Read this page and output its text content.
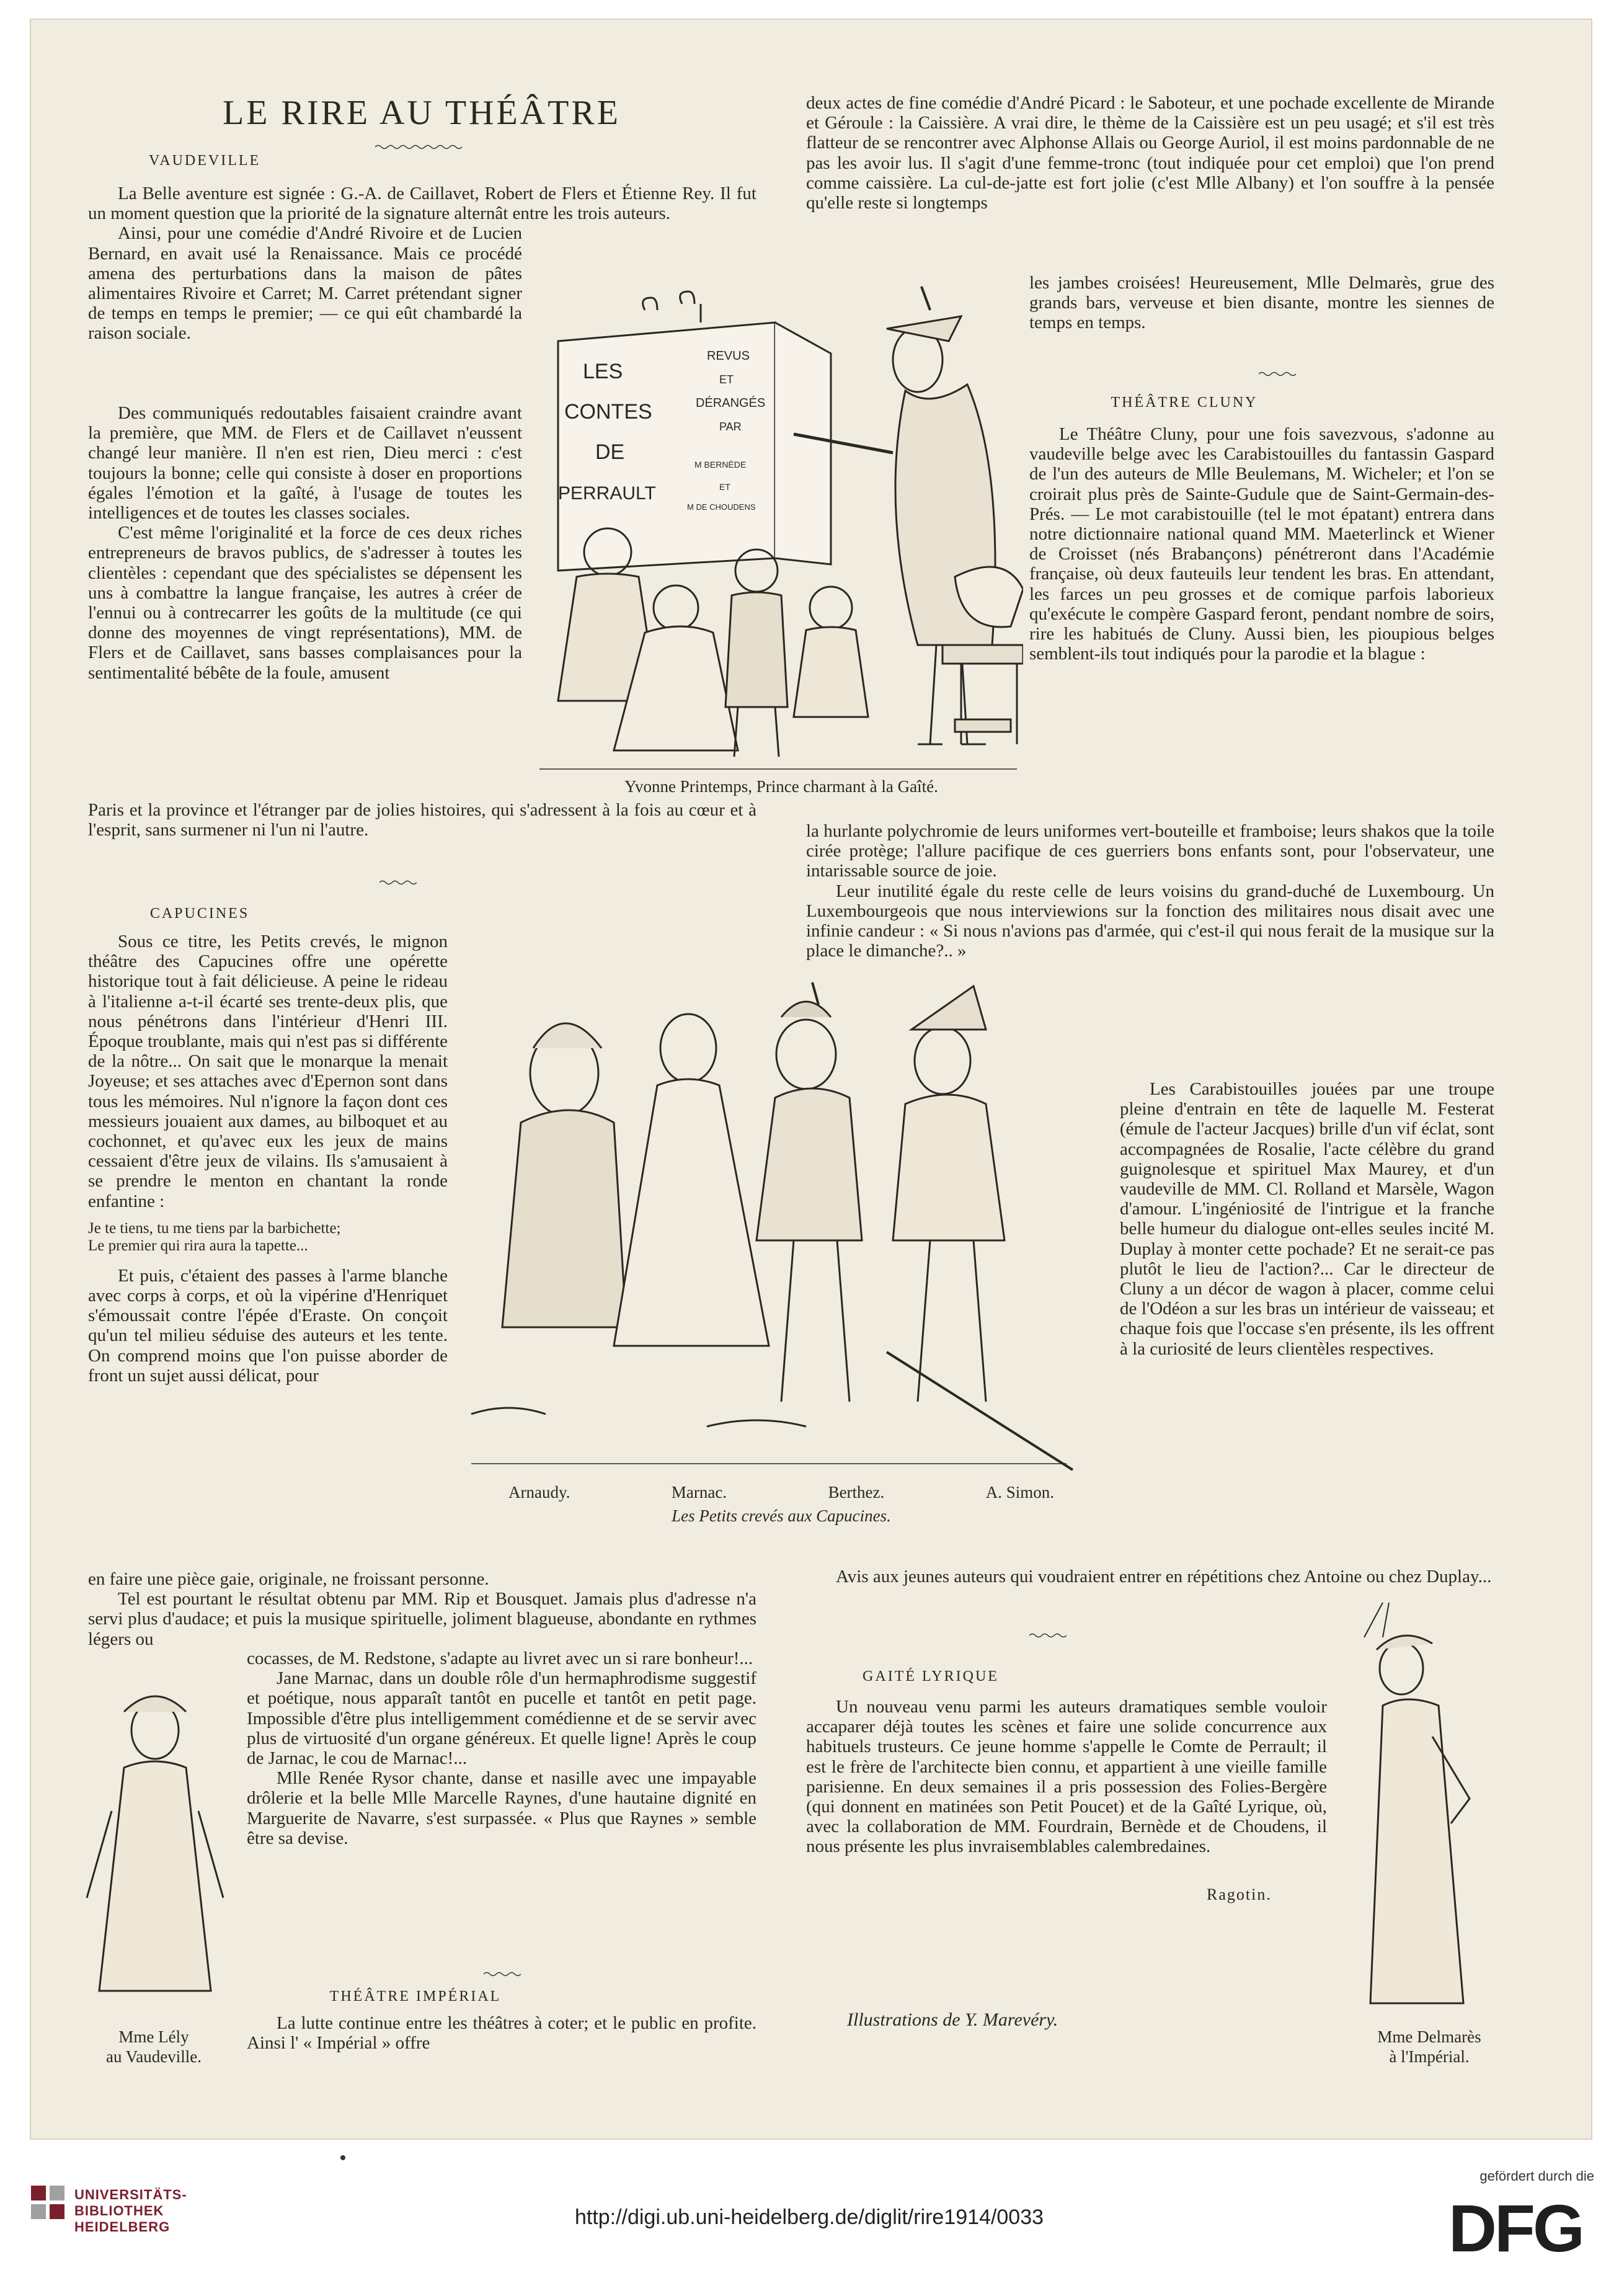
LE RIRE AU THÉÂTRE
VAUDEVILLE

La Belle aventure est signée : G.-A. de Caillavet, Robert de Flers et Étienne Rey. Il fut un moment question que la priorité de la signature alternât entre les trois auteurs.

Ainsi, pour une comédie d'André Rivoire et de Lucien Bernard, en avait usé la Renaissance. Mais ce procédé amena des perturbations dans la maison de pâtes alimentaires Rivoire et Carret; M. Carret prétendant signer de temps en temps le premier; — ce qui eût chambardé la raison sociale.

Des communiqués redoutables faisaient craindre avant la première, que MM. de Flers et de Caillavet n'eussent changé leur manière. Il n'en est rien, Dieu merci : c'est toujours la bonne; celle qui consiste à doser en proportions égales l'émotion et la gaîté, à l'usage de toutes les intelligences et de toutes les classes sociales.

C'est même l'originalité et la force de ces deux riches entrepreneurs de bravos publics, de s'adresser à toutes les clientèles : cependant que des spécialistes se dépensent les uns à combattre la langue française, les autres à créer de l'ennui ou à contrecarrer les goûts de la multitude (ce qui donne des moyennes de vingt représentations), MM. de Flers et de Caillavet, sans basses complaisances pour la sentimentalité bébête de la foule, amusent

Paris et la province et l'étranger par de jolies histoires, qui s'adressent à la fois au cœur et à l'esprit, sans surmener ni l'un ni l'autre.

CAPUCINES

Sous ce titre, les Petits crevés, le mignon théâtre des Capucines offre une opérette historique tout à fait délicieuse. A peine le rideau à l'italienne a-t-il écarté ses trente-deux plis, que nous pénétrons dans l'intérieur d'Henri III. Époque troublante, mais qui n'est pas si différente de la nôtre... On sait que le monarque la menait Joyeuse; et ses attaches avec d'Epernon sont dans tous les mémoires. Nul n'ignore la façon dont ces messieurs jouaient aux dames, au bilboquet et au cochonnet, et qu'avec eux les jeux de mains cessaient d'être jeux de vilains. Ils s'amusaient à se prendre le menton en chantant la ronde enfantine :

Je te tiens, tu me tiens par la barbichette;

Le premier qui rira aura la tapette...

Et puis, c'étaient des passes à l'arme blanche avec corps à corps, et où la vipérine d'Henriquet s'émoussait contre l'épée d'Eraste. On conçoit qu'un tel milieu séduise des auteurs et les tente. On comprend moins que l'on puisse aborder de front un sujet aussi délicat, pour

en faire une pièce gaie, originale, ne froissant personne.

Tel est pourtant le résultat obtenu par MM. Rip et Bousquet. Jamais plus d'adresse n'a servi plus d'audace; et puis la musique spirituelle, joliment blagueuse, abondante en rythmes légers ou

cocasses, de M. Redstone, s'adapte au livret avec un si rare bonheur!...

Jane Marnac, dans un double rôle d'un hermaphrodisme suggestif et poétique, nous apparaît tantôt en pucelle et tantôt en petit page. Impossible d'être plus intelligemment comédienne et de se servir avec plus de virtuosité d'un organe généreux. Et quelle ligne! Après le coup de Jarnac, le cou de Marnac!...

Mlle Renée Rysor chante, danse et nasille avec une impayable drôlerie et la belle Mlle Marcelle Raynes, d'une hautaine dignité en Marguerite de Navarre, s'est surpassée. « Plus que Raynes » semble être sa devise.

THÉÂTRE IMPÉRIAL

La lutte continue entre les théâtres à coter; et le public en profite. Ainsi l' « Impérial » offre

deux actes de fine comédie d'André Picard : le Saboteur, et une pochade excellente de Mirande et Géroule : la Caissière. A vrai dire, le thème de la Caissière est un peu usagé; et s'il est très flatteur de se rencontrer avec Alphonse Allais ou George Auriol, il est moins pardonnable de ne pas les avoir lus. Il s'agit d'une femme-tronc (tout indiquée pour cet emploi) que l'on prend comme caissière. La cul-de-jatte est fort jolie (c'est Mlle Albany) et l'on souffre à la pensée qu'elle reste si longtemps

les jambes croisées! Heureusement, Mlle Delmarès, grue des grands bars, verveuse et bien disante, montre les siennes de temps en temps.

THÉÂTRE CLUNY

Le Théâtre Cluny, pour une fois savezvous, s'adonne au vaudeville belge avec les Carabistouilles du fantassin Gaspard de l'un des auteurs de Mlle Beulemans, M. Wicheler; et l'on se croirait plus près de Sainte-Gudule que de Saint-Germain-des-Prés. — Le mot carabistouille (tel le mot épatant) entrera dans notre dictionnaire national quand MM. Maeterlinck et Wiener de Croisset (nés Brabançons) pénétreront dans l'Académie française, où deux fauteuils leur tendent les bras. En attendant, les farces un peu grosses et de comique parfois laborieux qu'exécute le compère Gaspard feront, pendant nombre de soirs, rire les habitués de Cluny. Aussi bien, les pioupious belges semblent-ils tout indiqués pour la parodie et la blague :

la hurlante polychromie de leurs uniformes vert-bouteille et framboise; leurs shakos que la toile cirée protège; l'allure pacifique de ces guerriers bons enfants sont, pour l'observateur, une intarissable source de joie.

Leur inutilité égale du reste celle de leurs voisins du grand-duché de Luxembourg. Un Luxembourgeois que nous interviewions sur la fonction des militaires nous disait avec une infinie candeur : « Si nous n'avions pas d'armée, qui c'est-il qui nous ferait de la musique sur la place le dimanche?.. »

Les Carabistouilles jouées par une troupe pleine d'entrain en tête de laquelle M. Festerat (émule de l'acteur Jacques) brille d'un vif éclat, sont accompagnées de Rosalie, l'acte célèbre du grand guignolesque et spirituel Max Maurey, et d'un vaudeville de MM. Cl. Rolland et Marsèle, Wagon d'amour. L'ingéniosité de l'intrigue et la franche belle humeur du dialogue ont-elles seules incité M. Duplay à monter cette pochade? Et ne serait-ce pas plutôt le lieu de l'action?... Car le directeur de Cluny a un décor de wagon à placer, comme celui de l'Odéon a sur les bras un intérieur de vaisseau; et chaque fois que l'occase s'en présente, ils les offrent à la curiosité de leurs clientèles respectives.

Avis aux jeunes auteurs qui voudraient entrer en répétitions chez Antoine ou chez Duplay...

GAITÉ LYRIQUE

Un nouveau venu parmi les auteurs dramatiques semble vouloir accaparer déjà toutes les scènes et faire une solide concurrence aux habituels trusteurs. Ce jeune homme s'appelle le Comte de Perrault; il est le frère de l'architecte bien connu, et appartient à une vieille famille parisienne. En deux semaines il a pris possession des Folies-Bergère (qui donnent en matinées son Petit Poucet) et de la Gaîté Lyrique, où, avec la collaboration de MM. Fourdrain, Bernède et de Choudens, il nous présente les plus invraisemblables calembredaines.

Ragotin.
Illustrations de Y. Marevéry.
LES
CONTES
DE
PERRAULT
REVUS
ET
DÉRANGÉS
PAR
M BERNÈDE
ET
M DE CHOUDENS
Yvonne Printemps, Prince charmant à la Gaîté.
Arnaudy.	Marnac.	Berthez.	A. Simon.
Les Petits crevés aux Capucines.
Mme Lély
au Vaudeville.
Mme Delmarès
à l'Impérial.
UNIVERSITÄTS-
BIBLIOTHEK
HEIDELBERG	http://digi.ub.uni-heidelberg.de/diglit/rire1914/0033
gefördert durch die
DFG
